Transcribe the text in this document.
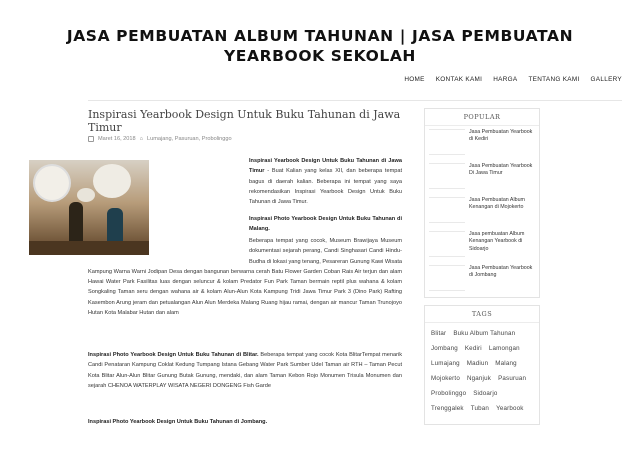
JASA PEMBUATAN ALBUM TAHUNAN | JASA PEMBUATAN YEARBOOK SEKOLAH
HOME KONTAK KAMI HARGA TENTANG KAMI GALLERY
Inspirasi Yearbook Design Untuk Buku Tahunan di Jawa Timur
Maret 16, 2018 ⌂ Lumajang, Pasuruan, Probolinggo

Inspirasi Yearbook Design Untuk Buku Tahunan di Jawa Timur - Buat Kalian yang kelas XII, dan beberapa tempat bagus di daerah kalian. Beberapa ini tempat yang saya rekomendasikan Inspirasi Yearbook Design Untuk Buku Tahunan di Jawa Timur.

Inspirasi Photo Yearbook Design Untuk Buku Tahunan di Malang.

Beberapa tempat yang cocok, Museum Brawijaya Museum dokumentasi sejarah perang, Candi Singhasari Candi Hindu-Budha di lokasi yang tenang, Pesareran Gunung Kawi Wisata Kampung Warna Warni Jodipan Desa dengan bangunan berwarna cerah Batu Flower Garden Coban Rais Air terjun dan alam Hawai Water Park Fasilitas luas dengan seluncur & kolam Predator Fun Park Taman bermain reptil plus wahana & kolam Songkaling Taman seru dengan wahana air & kolam Alun-Alun Kota Kampung Tridi Jawa Timur Park 3 (Dino Park) Rafting Kasembon Arung jeram dan petualangan Alun Alun Merdeka Malang Ruang hijau ramai, dengan air mancur Taman Trunojoyo Hutan Kota Malabar Hutan dan alam

Inspirasi Photo Yearbook Design Untuk Buku Tahunan di Blitar. Beberapa tempat yang cocok Kota BlitarTempat menarik Candi Penataran Kampung Coklat Kedung Tumpang Istana Gebang Water Park Sumber Udel Taman air RTH – Taman Pecut Kota Blitar Alun-Alun Blitar Gunung Butak Gunung, mendaki, dan alam Taman Kebon Rojo Monumen Trisula Monumen dan sejarah CHENOA WATERPLAY WISATA NEGERI DONGENG Fish Garde

Inspirasi Photo Yearbook Design Untuk Buku Tahunan di Jombang.

POPULAR
Jasa Pembuatan Yearbook di Kediri
Jasa Pembuatan Yearbook Di Jawa Timur
Jasa Pembuatan Album Kenangan di Mojokerto
Jasa pembuatan Album Kenangan Yearbook di Sidoarjo
Jasa Pembuatan Yearbook di Jombang
TAGS
Blitar Buku Album Tahunan
Jombang Kediri Lamongan
Lumajang Madiun Malang
Mojokerto Nganjuk Pasuruan
Probolinggo Sidoarjo
Trenggalek Tuban Yearbook
